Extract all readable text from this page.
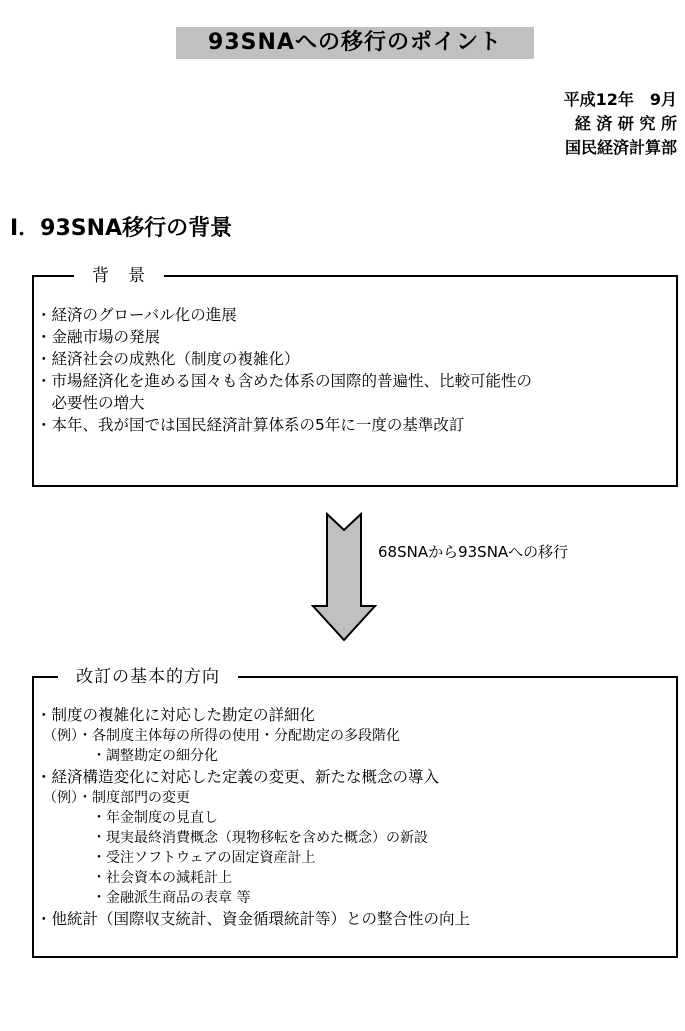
93SNAへの移行のポイント
平成12年　9月
経 済 研 究 所
国民経済計算部
Ⅰ．93SNA移行の背景
背　景
・経済のグローバル化の進展
・金融市場の発展
・経済社会の成熟化（制度の複雑化）
・市場経済化を進める国々も含めた体系の国際的普遍性、比較可能性の
　必要性の増大
・本年、我が国では国民経済計算体系の5年に一度の基準改訂
68SNAから93SNAへの移行
改訂の基本的方向
・制度の複雑化に対応した勘定の詳細化
　（例）・各制度主体毎の所得の使用・分配勘定の多段階化
　　　　・調整勘定の細分化
・経済構造変化に対応した定義の変更、新たな概念の導入
　（例）・制度部門の変更
　　　　・年金制度の見直し
　　　　・現実最終消費概念（現物移転を含めた概念）の新設
　　　　・受注ソフトウェアの固定資産計上
　　　　・社会資本の減耗計上
　　　　・金融派生商品の表章 等
・他統計（国際収支統計、資金循環統計等）との整合性の向上
